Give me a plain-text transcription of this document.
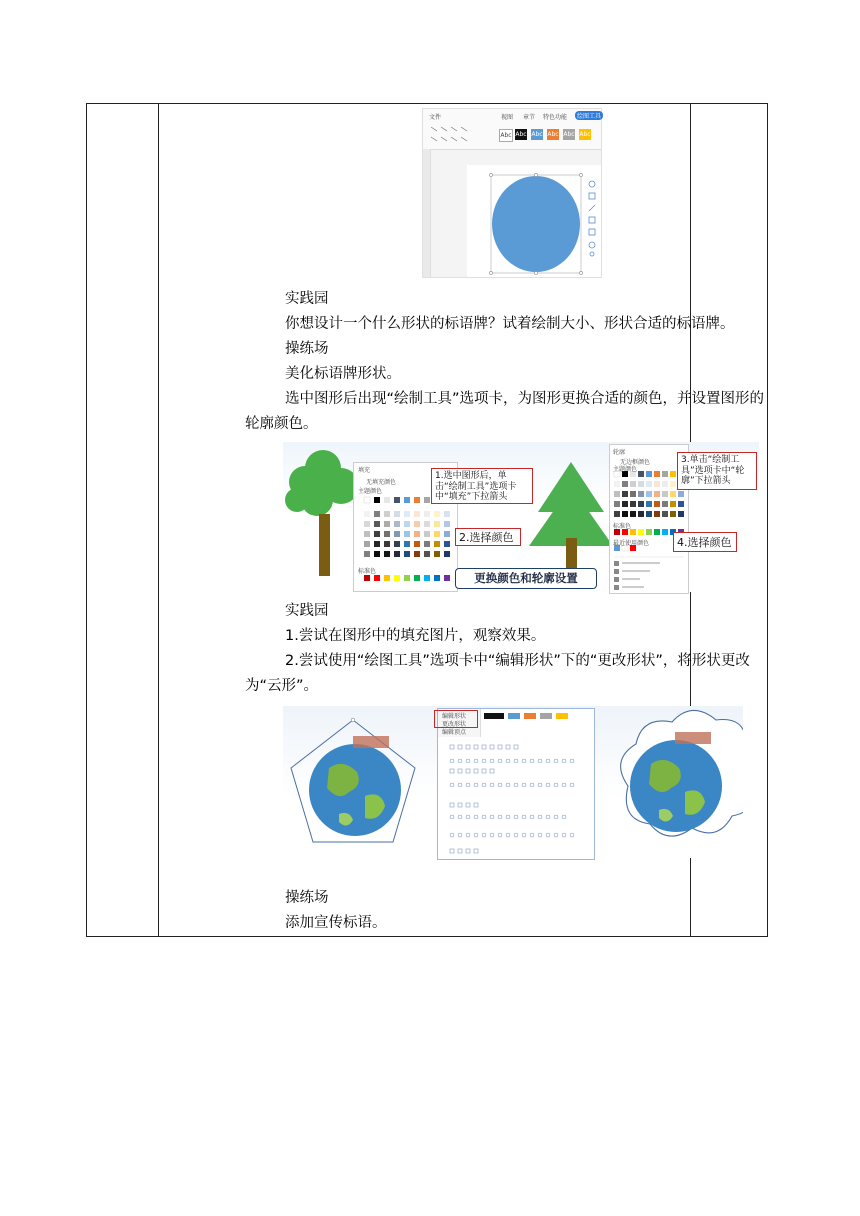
文件	视图 章节 特色功能	绘图工具
Abc Abc Abc Abc Abc Abc

实践园

你想设计一个什么形状的标语牌？试着绘制大小、形状合适的标语牌。

操练场

美化标语牌形状。

选中图形后出现“绘制工具”选项卡，为图形更换合适的颜色，并设置图形的轮廓颜色。

填充
无填充颜色
主题颜色
标准色
1.选中图形后，单击“绘制工具”选项卡中“填充”下拉箭头
2.选择颜色
更换颜色和轮廓设置
轮廓
无边框颜色
主题颜色
标准色
最近使用颜色
3.单击“绘制工具”选项卡中“轮廓”下拉箭头
4.选择颜色

实践园

1.尝试在图形中的填充图片，观察效果。

2.尝试使用“绘图工具”选项卡中“编辑形状”下的“更改形状”，将形状更改为“云形”。

编辑形状
更改形状
编辑顶点

操练场

添加宣传标语。
